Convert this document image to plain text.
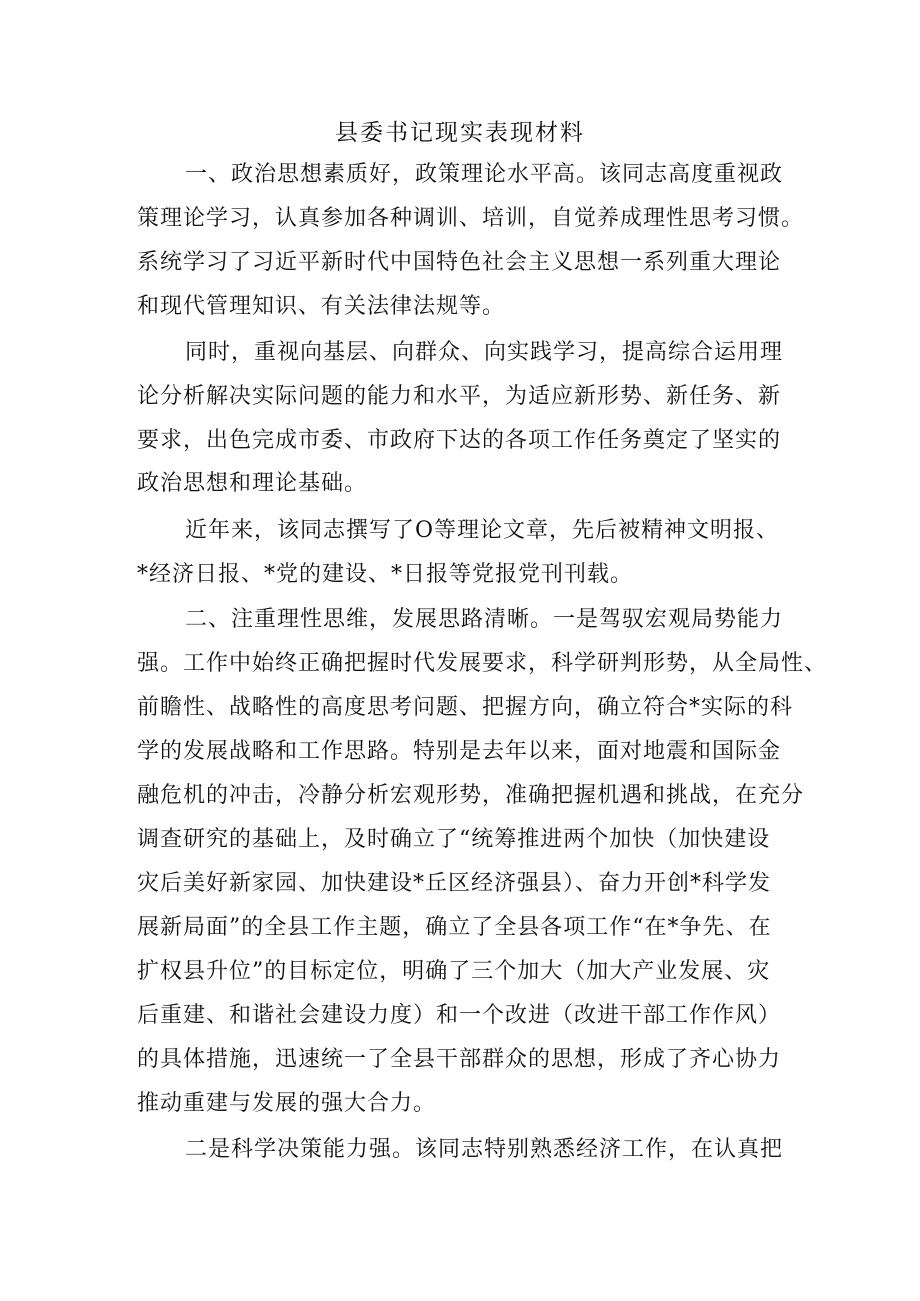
县委书记现实表现材料
一、政治思想素质好，政策理论水平高。该同志高度重视政
策理论学习，认真参加各种调训、培训，自觉养成理性思考习惯。
系统学习了习近平新时代中国特色社会主义思想一系列重大理论
和现代管理知识、有关法律法规等。
同时，重视向基层、向群众、向实践学习，提高综合运用理
论分析解决实际问题的能力和水平，为适应新形势、新任务、新
要求，出色完成市委、市政府下达的各项工作任务奠定了坚实的
政治思想和理论基础。
近年来，该同志撰写了O等理论文章，先后被精神文明报、
*经济日报、*党的建设、*日报等党报党刊刊载。
二、注重理性思维，发展思路清晰。一是驾驭宏观局势能力
强。工作中始终正确把握时代发展要求，科学研判形势，从全局性、
前瞻性、战略性的高度思考问题、把握方向，确立符合*实际的科
学的发展战略和工作思路。特别是去年以来，面对地震和国际金
融危机的冲击，冷静分析宏观形势，准确把握机遇和挑战，在充分
调查研究的基础上，及时确立了“统筹推进两个加快（加快建设
灾后美好新家园、加快建设*丘区经济强县）、奋力开创*科学发
展新局面”的全县工作主题，确立了全县各项工作“在*争先、在
扩权县升位”的目标定位，明确了三个加大（加大产业发展、灾
后重建、和谐社会建设力度）和一个改进（改进干部工作作风）
的具体措施，迅速统一了全县干部群众的思想，形成了齐心协力
推动重建与发展的强大合力。
二是科学决策能力强。该同志特别熟悉经济工作，在认真把
